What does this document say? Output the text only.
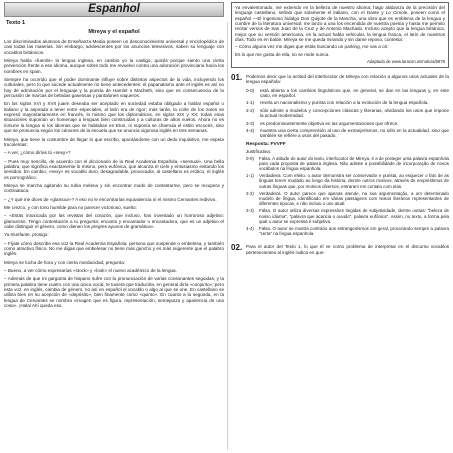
Espanhol
Texto 1
Mireya y el español
Los discriminados alumnos de Enseñanza Media poseen un desconocimiento universal y enciclopédico de casi todas las materias. Sin embargo, adolescentes por los anuncios televisivos, saben su lenguaje con vocablos británicos.
Mireya habla «fuenlis» la lengua inglesa, en cambio yo la castigo, quizás porque siento una cierta prevención frente a ese idioma, aunque sobre todo me revuelvo contra una adoración provinciana hacia los nombres en spain.
Siempre ha ocurrido que el poder dominante influye sobre distintos aspectos de la vida, incluyendo los culturales, pero lo que sucede actualmente no tiene antecedentes: el papanatismo ante el inglés es así no hay de admiración por el lenguaje y la poesía de Hamlet o Macbeth, sino que es consecuencia de la percusión de marcas de bebidas gaseosas y pantalones vaqueros.
En los siglos XVI y XVII juaen deseaba ser aceptado en sociedad estaba obligado a hablar español o italiano y la aspirada a tener entre especiales, al latín era de rigor; más tarde, la corte de los zares se expresó mayoritariamente en francés, lo mismo que los diplomáticos, en siglos XIX y XX; todas esas situaciones suponían un homenaje a lenguas bien construidas y a culturas de altos vuelos. Ahora no es inmune la lengua ni los idiomas que se hablaban en Eton, ni suponía se charnula el estilo escocés, sino que se pronuncia según los cánones de la escuela que se anuncia vigorosa inglés en tres semanas.
Mireya, que tiene la costumbre de llegar lo que escribo, apuntándome con un dedo inquisitivo, me espeta truculentas:
– A ver, ¿cómo dirías tú «sexy»?
– Pues muy sencillo, de acuerdo con el diccionario de la Real Academia Española, «sensual». Una bella palabra, que significa exactamente lo mismo, pero eufónica, que alcanza el cielo y entusiasmo evitando los sentidos. En cambio, «sexy» es vocablo duro, desagradable, provocador, al castellano es erótico, el inglés es pornográfico.
Mireya se marcha agitando su rubia melena y sin encontrar modo de contestarme, pero se recupera y contraataca:
– ¿Y qué me dices de «glamour»? A eso no le encontrarías equivalencia ni el mismo Cervantes redivivo.
Me crezco, y con tono humilde para no parecer victorioso, suelto:
– «Estás intoxicada por las revistas del corazón, que incluso, han inventado un horroroso adjetivo: glamuroso. Tengo contestación a tu pregunta: encanto y encantador o encantadora, que es un adjetivo el cabe distinguir el género, como dienen los pregres ayunos de gramática».
Ya triunfante, prosigo:
– Fíjate cómo describe esa voz la Real Academia Española: persona que suspende o embelesa, y también como atractivo físico. No me digas que embelesar no tiene más gancho y es más sugerente que el palabro inglés.
Mireya se lucha de hora y con cierta mordacidad, pregunta:
– Bueno, a ver cómo expresarías «stock» y «look» el nuevo académico de la lengua.
– Además de que mi garganta de hispano sufre con la pronunciación de varias consonantes seguidas, y la primera palabra tiene cuatro con una única vocal, te tuviera que traducirla, en general diría «conjunto»; pero esta voz, en inglés, cambia de género, no así en español el vocablo o algo al que se une. En castellano se utiliza bien en su acepción de «depósito», bien finamente como «quinto». En cuanto a la segunda, en la lengua de Cervantes se nombra «imagen que es figura, representación, semejanza y apariencia de una cosa». ¡Halal Ahí queda eso.
Ya envalentonado, me extiendo en la belleza de nuestro idioma; hago alabanza de la precisión del lenguaje castellano, señalo que solamente el italiano, con el Dante y Lo Cimole, poseen como el español —El ingenioso hidalgo Don Quijote de la Mancha, una obra que es emblema de la lengua y cumbre de la literatura universal; me lanzo a una los encendida de nuestra poesía y hasta me permito recitar versos de San Juan de la Cruz y de Antonio Machado. Incluso acepto que la lengua británica, mejor que su versión americana, es la actual habla vehicular, la lengua franca, el latín de nuestros días. Todo es en balde. Mireya se me queda mirando y sin darse reposo, contesta:
– Cómo alguna vez me digas que estás buscando un parking, me vas a oír.
Es lo que me gusta de ella, no se rinde nunca.
Adaptado de www.larazon.es/noticia/6878
01. Podemos decir que la actitud del interlocutor de Mireya con relación a algunos usos actuales de la lengua española:
0-0)	está abierta a los cambios lingüísticos que, en general, se dan en las lenguas y, en este caso, en español.
1-1)	revela un nacionalismo y purista con relación a la evolución de la lengua española.
2-2)	sólo admite a modelos y concepciones clásicas y literarias, olvidando los usos que impone la actual modernidad.
3-3)	es predominantemente objetiva en las argumentaciones que ofrece.
4-4)	muestra una cierta comprensión al uso de extranjerismos, no sólo en la actualidad, sino que también se refiere a usos del pasado.
Resposta: FVVFF
Justificativa:
0-0)	Falsa. A atitude do autor do texto, interlocutor de Mireya, é a de proteger uma palavra espanhola para cada proposta de palavra inglesa. Não admite a possibilidade de incorporação de novos vocábulos na língua espanhola.
1-1)	Verdadeira. Com efeito, o autor demonstra ser conservador e purista, ao esquecer o fato de as línguas terem mudado ao longo da história, dentre outros motivos, através de empréstimos de outras línguas que, por motivos diversos, entraram em contato com elas.
2-2)	Verdadeira. O autor parece que apenas atende, na sua argumentação, a um determinado modelo de língua, identificado em várias passagens com textos literários representantes de diferentes épocas, e não incluiu o uso atual.
3-3)	Falsa. O autor utiliza diversas expressões tingidas de subjetividade, dentre outras: "beleza de nosso idioma", "palavra que acaricia o ouvido", palavra eufônica". Assim, no texto, a forma pela qual o autor se expressa é subjetiva.
4-4)	Falsa. O autor se mostra contrário aos estrangeirismos em geral, procurando sempre a palavra "certa" na língua espanhola.
02. Para el autor del Texto 1, lo que él ve como problema de interpretar en el discurso vocablos pertenecientes al inglés radica en que:
